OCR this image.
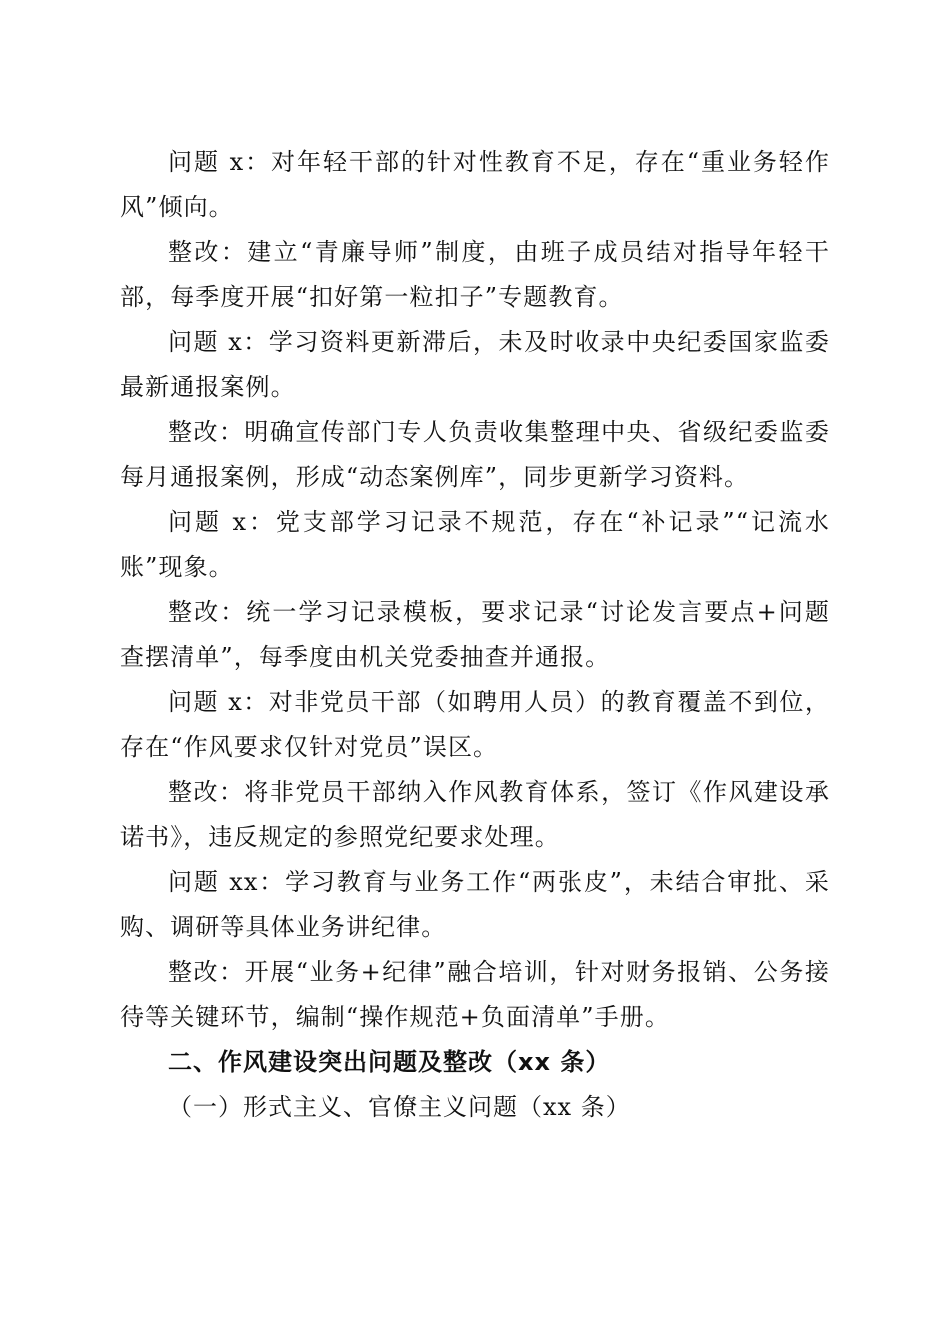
问题 x：对年轻干部的针对性教育不足，存在“重业务轻作风”倾向。

整改：建立“青廉导师”制度，由班子成员结对指导年轻干部，每季度开展“扣好第一粒扣子”专题教育。

问题 x：学习资料更新滞后，未及时收录中央纪委国家监委最新通报案例。

整改：明确宣传部门专人负责收集整理中央、省级纪委监委每月通报案例，形成“动态案例库”，同步更新学习资料。

问题 x：党支部学习记录不规范，存在“补记录”“记流水账”现象。

整改：统一学习记录模板，要求记录“讨论发言要点+问题查摆清单”，每季度由机关党委抽查并通报。

问题 x：对非党员干部（如聘用人员）的教育覆盖不到位，存在“作风要求仅针对党员”误区。

整改：将非党员干部纳入作风教育体系，签订《作风建设承诺书》，违反规定的参照党纪要求处理。

问题 xx：学习教育与业务工作“两张皮”，未结合审批、采购、调研等具体业务讲纪律。

整改：开展“业务+纪律”融合培训，针对财务报销、公务接待等关键环节，编制“操作规范+负面清单”手册。

二、作风建设突出问题及整改（xx 条）

（一）形式主义、官僚主义问题（xx 条）
